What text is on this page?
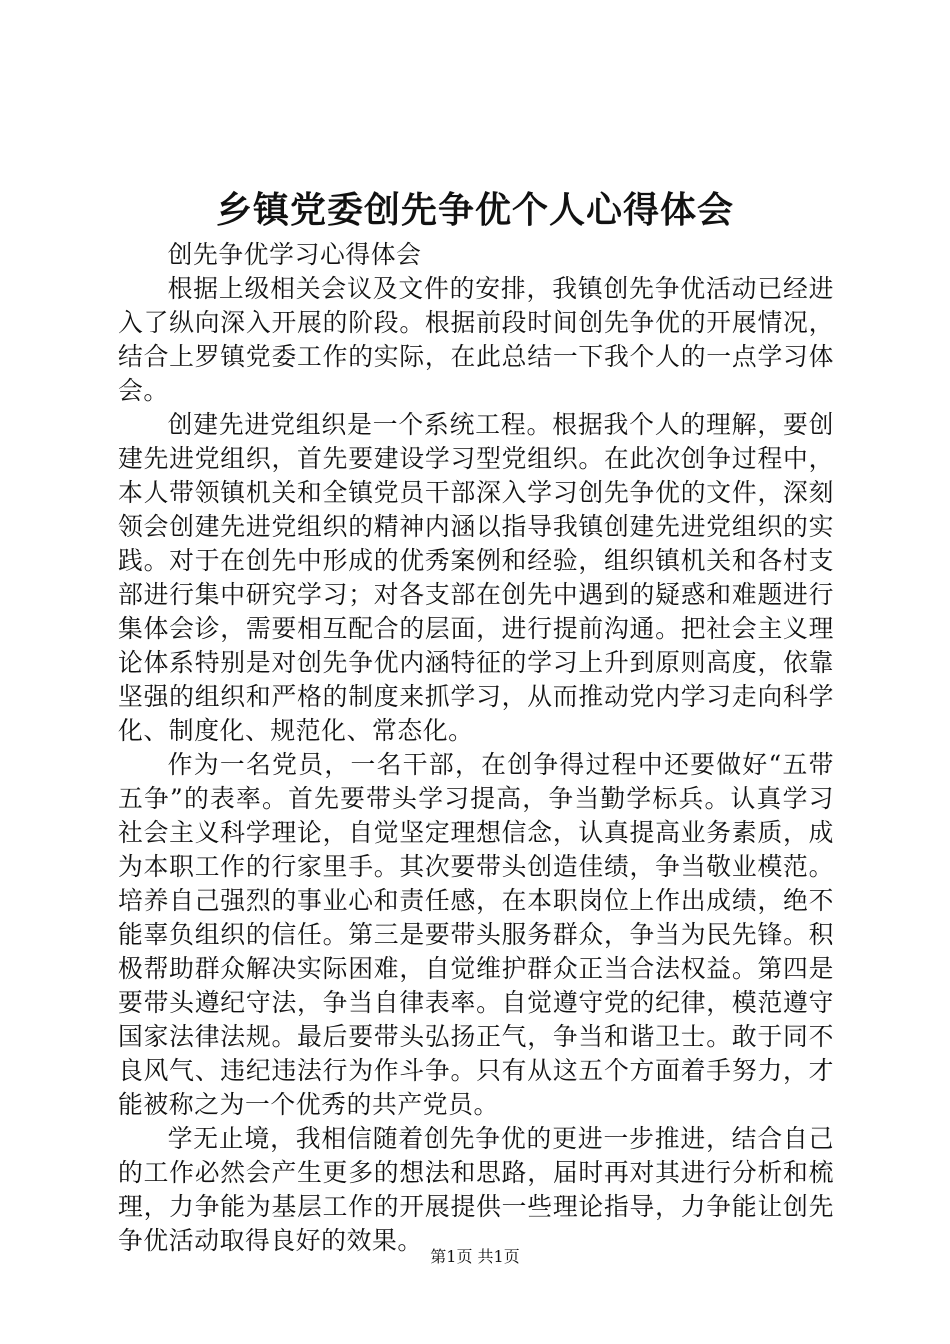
乡镇党委创先争优个人心得体会

创先争优学习心得体会

根据上级相关会议及文件的安排，我镇创先争优活动已经进入了纵向深入开展的阶段。根据前段时间创先争优的开展情况，结合上罗镇党委工作的实际，在此总结一下我个人的一点学习体会。

创建先进党组织是一个系统工程。根据我个人的理解，要创建先进党组织，首先要建设学习型党组织。在此次创争过程中，本人带领镇机关和全镇党员干部深入学习创先争优的文件，深刻领会创建先进党组织的精神内涵以指导我镇创建先进党组织的实践。对于在创先中形成的优秀案例和经验，组织镇机关和各村支部进行集中研究学习；对各支部在创先中遇到的疑惑和难题进行集体会诊，需要相互配合的层面，进行提前沟通。把社会主义理论体系特别是对创先争优内涵特征的学习上升到原则高度，依靠坚强的组织和严格的制度来抓学习，从而推动党内学习走向科学化、制度化、规范化、常态化。

作为一名党员，一名干部，在创争得过程中还要做好“五带五争”的表率。首先要带头学习提高，争当勤学标兵。认真学习社会主义科学理论，自觉坚定理想信念，认真提高业务素质，成为本职工作的行家里手。其次要带头创造佳绩，争当敬业模范。培养自己强烈的事业心和责任感，在本职岗位上作出成绩，绝不能辜负组织的信任。第三是要带头服务群众，争当为民先锋。积极帮助群众解决实际困难，自觉维护群众正当合法权益。第四是要带头遵纪守法，争当自律表率。自觉遵守党的纪律，模范遵守国家法律法规。最后要带头弘扬正气，争当和谐卫士。敢于同不良风气、违纪违法行为作斗争。只有从这五个方面着手努力，才能被称之为一个优秀的共产党员。

学无止境，我相信随着创先争优的更进一步推进，结合自己的工作必然会产生更多的想法和思路，届时再对其进行分析和梳理，力争能为基层工作的开展提供一些理论指导，力争能让创先争优活动取得良好的效果。

第1页 共1页
